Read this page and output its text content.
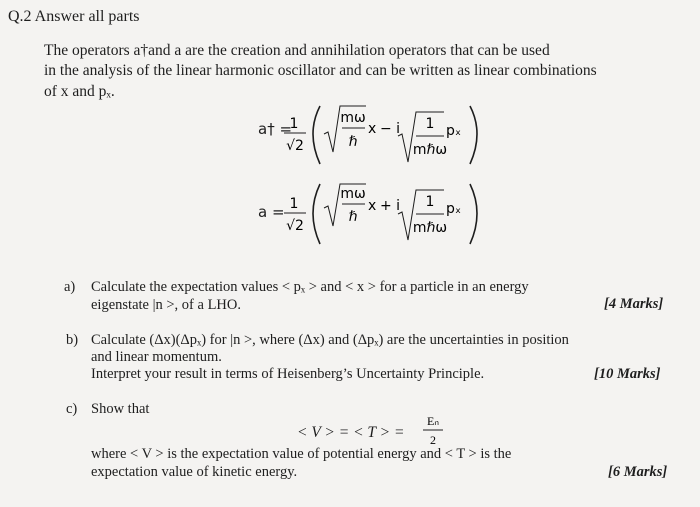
Q.2 Answer all parts
The operators a†and a are the creation and annihilation operators that can be used
in the analysis of the linear harmonic oscillator and can be written as linear combinations
of x and pₓ.
a† =
1
√2
mω
ℏ
x − i 1
mℏω
pₓ
a = 1
√2
mω
ℏ
x + i 1
mℏω
pₓ
a) Calculate the expectation values < pₓ > and < x > for a particle in an energy
eigenstate |n >, of a LHO.	[4 Marks]
b) Calculate (Δx)(Δpₓ) for |n >, where (Δx) and (Δpₓ) are the uncertainties in position
and linear momentum.
Interpret your result in terms of Heisenberg’s Uncertainty Principle.	[10 Marks]
c) Show that
< V > = < T > =
Eₙ
2
where < V > is the expectation value of potential energy and < T > is the
expectation value of kinetic energy.	[6 Marks]
